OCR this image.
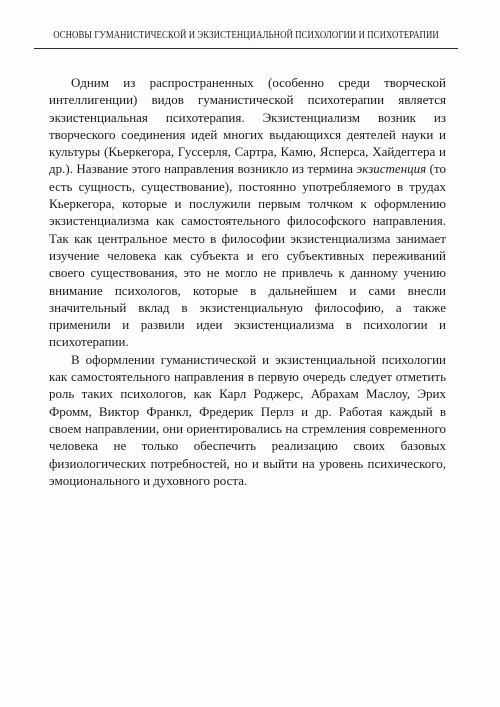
ОСНОВЫ ГУМАНИСТИЧЕСКОЙ И ЭКЗИСТЕНЦИАЛЬНОЙ ПСИХОЛОГИИ И ПСИХОТЕРАПИИ

Одним из распространенных (особенно среди творческой интеллигенции) видов гуманистической психотерапии является экзистенциальная психотерапия. Экзистенциализм возник из творческого соединения идей многих выдающихся деятелей науки и культуры (Кьеркегора, Гуссерля, Сартра, Камю, Ясперса, Хайдеггера и др.). Название этого направления возникло из термина экзистенция (то есть сущность, существование), постоянно употребляемого в трудах Кьеркегора, которые и послужили первым толчком к оформлению экзистенциализма как самостоятельного философского направления. Так как центральное место в философии экзистенциализма занимает изучение человека как субъекта и его субъективных переживаний своего существования, это не могло не привлечь к данному учению внимание психологов, которые в дальнейшем и сами внесли значительный вклад в экзистенциальную философию, а также применили и развили идеи экзистенциализма в психологии и психотерапии.

В оформлении гуманистической и экзистенциальной психологии как самостоятельного направления в первую очередь следует отметить роль таких психологов, как Карл Роджерс, Абрахам Маслоу, Эрих Фромм, Виктор Франкл, Фредерик Перлз и др. Работая каждый в своем направлении, они ориентировались на стремления современного человека не только обеспечить реализацию своих базовых физиологических потребностей, но и выйти на уровень психического, эмоционального и духовного роста.
